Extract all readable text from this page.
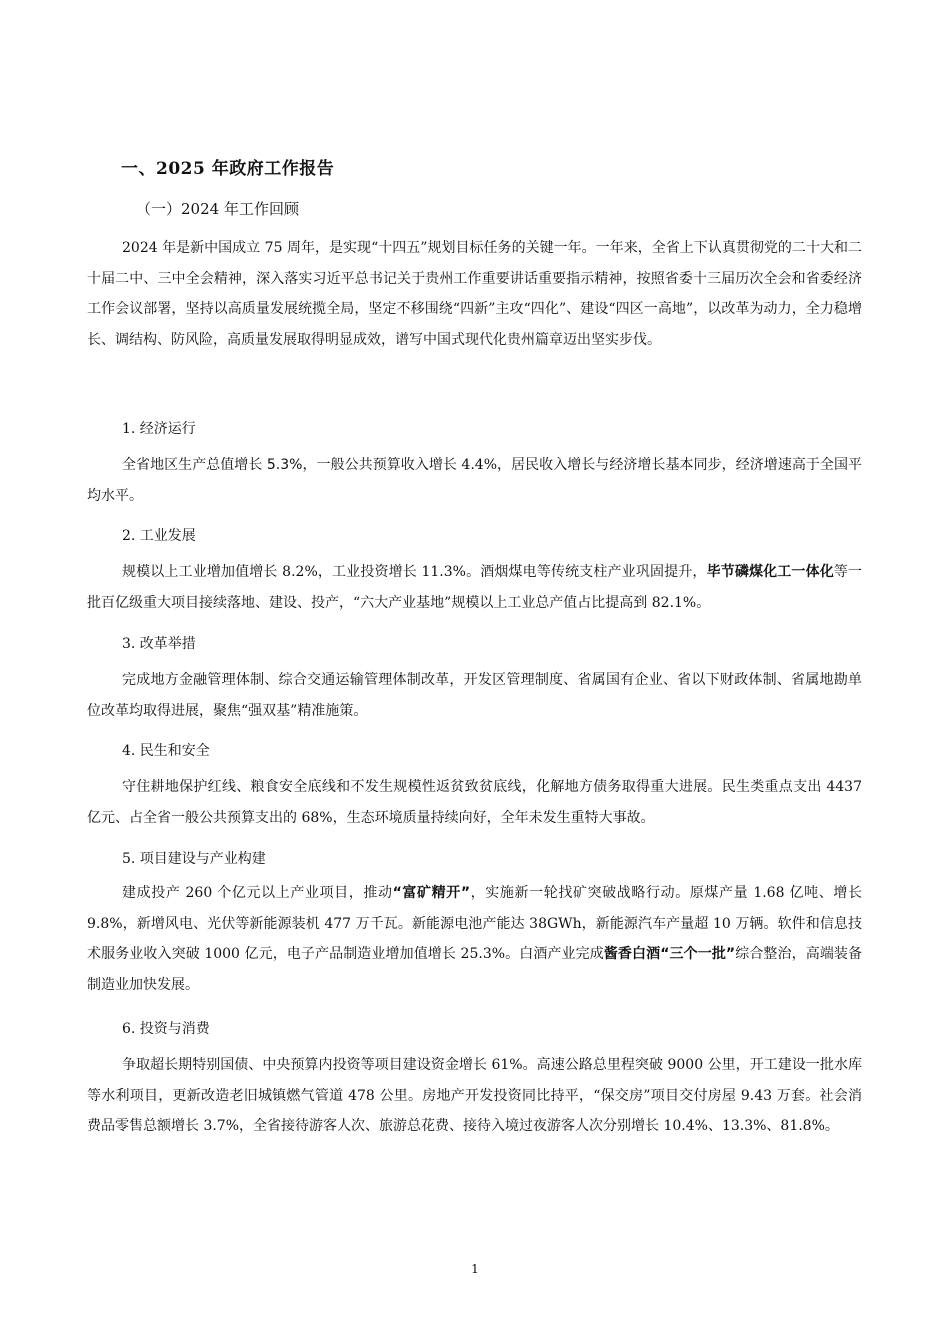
一、2025 年政府工作报告
（一）2024 年工作回顾

2024 年是新中国成立 75 周年，是实现“十四五”规划目标任务的关键一年。一年来，全省上下认真贯彻党的二十大和二十届二中、三中全会精神，深入落实习近平总书记关于贵州工作重要讲话重要指示精神，按照省委十三届历次全会和省委经济工作会议部署，坚持以高质量发展统揽全局，坚定不移围绕“四新”主攻“四化”、建设“四区一高地”，以改革为动力，全力稳增长、调结构、防风险，高质量发展取得明显成效，谱写中国式现代化贵州篇章迈出坚实步伐。

1. 经济运行

全省地区生产总值增长 5.3%，一般公共预算收入增长 4.4%，居民收入增长与经济增长基本同步，经济增速高于全国平均水平。

2. 工业发展

规模以上工业增加值增长 8.2%，工业投资增长 11.3%。酒烟煤电等传统支柱产业巩固提升，毕节磷煤化工一体化等一批百亿级重大项目接续落地、建设、投产，“六大产业基地”规模以上工业总产值占比提高到 82.1%。

3. 改革举措

完成地方金融管理体制、综合交通运输管理体制改革，开发区管理制度、省属国有企业、省以下财政体制、省属地勘单位改革均取得进展，聚焦“强双基”精准施策。

4. 民生和安全

守住耕地保护红线、粮食安全底线和不发生规模性返贫致贫底线，化解地方债务取得重大进展。民生类重点支出 4437 亿元、占全省一般公共预算支出的 68%，生态环境质量持续向好，全年未发生重特大事故。

5. 项目建设与产业构建

建成投产 260 个亿元以上产业项目，推动“富矿精开”，实施新一轮找矿突破战略行动。原煤产量 1.68 亿吨、增长 9.8%，新增风电、光伏等新能源装机 477 万千瓦。新能源电池产能达 38GWh，新能源汽车产量超 10 万辆。软件和信息技术服务业收入突破 1000 亿元，电子产品制造业增加值增长 25.3%。白酒产业完成酱香白酒“三个一批”综合整治，高端装备制造业加快发展。

6. 投资与消费

争取超长期特别国债、中央预算内投资等项目建设资金增长 61%。高速公路总里程突破 9000 公里，开工建设一批水库等水利项目，更新改造老旧城镇燃气管道 478 公里。房地产开发投资同比持平，“保交房”项目交付房屋 9.43 万套。社会消费品零售总额增长 3.7%，全省接待游客人次、旅游总花费、接待入境过夜游客人次分别增长 10.4%、13.3%、81.8%。

1
